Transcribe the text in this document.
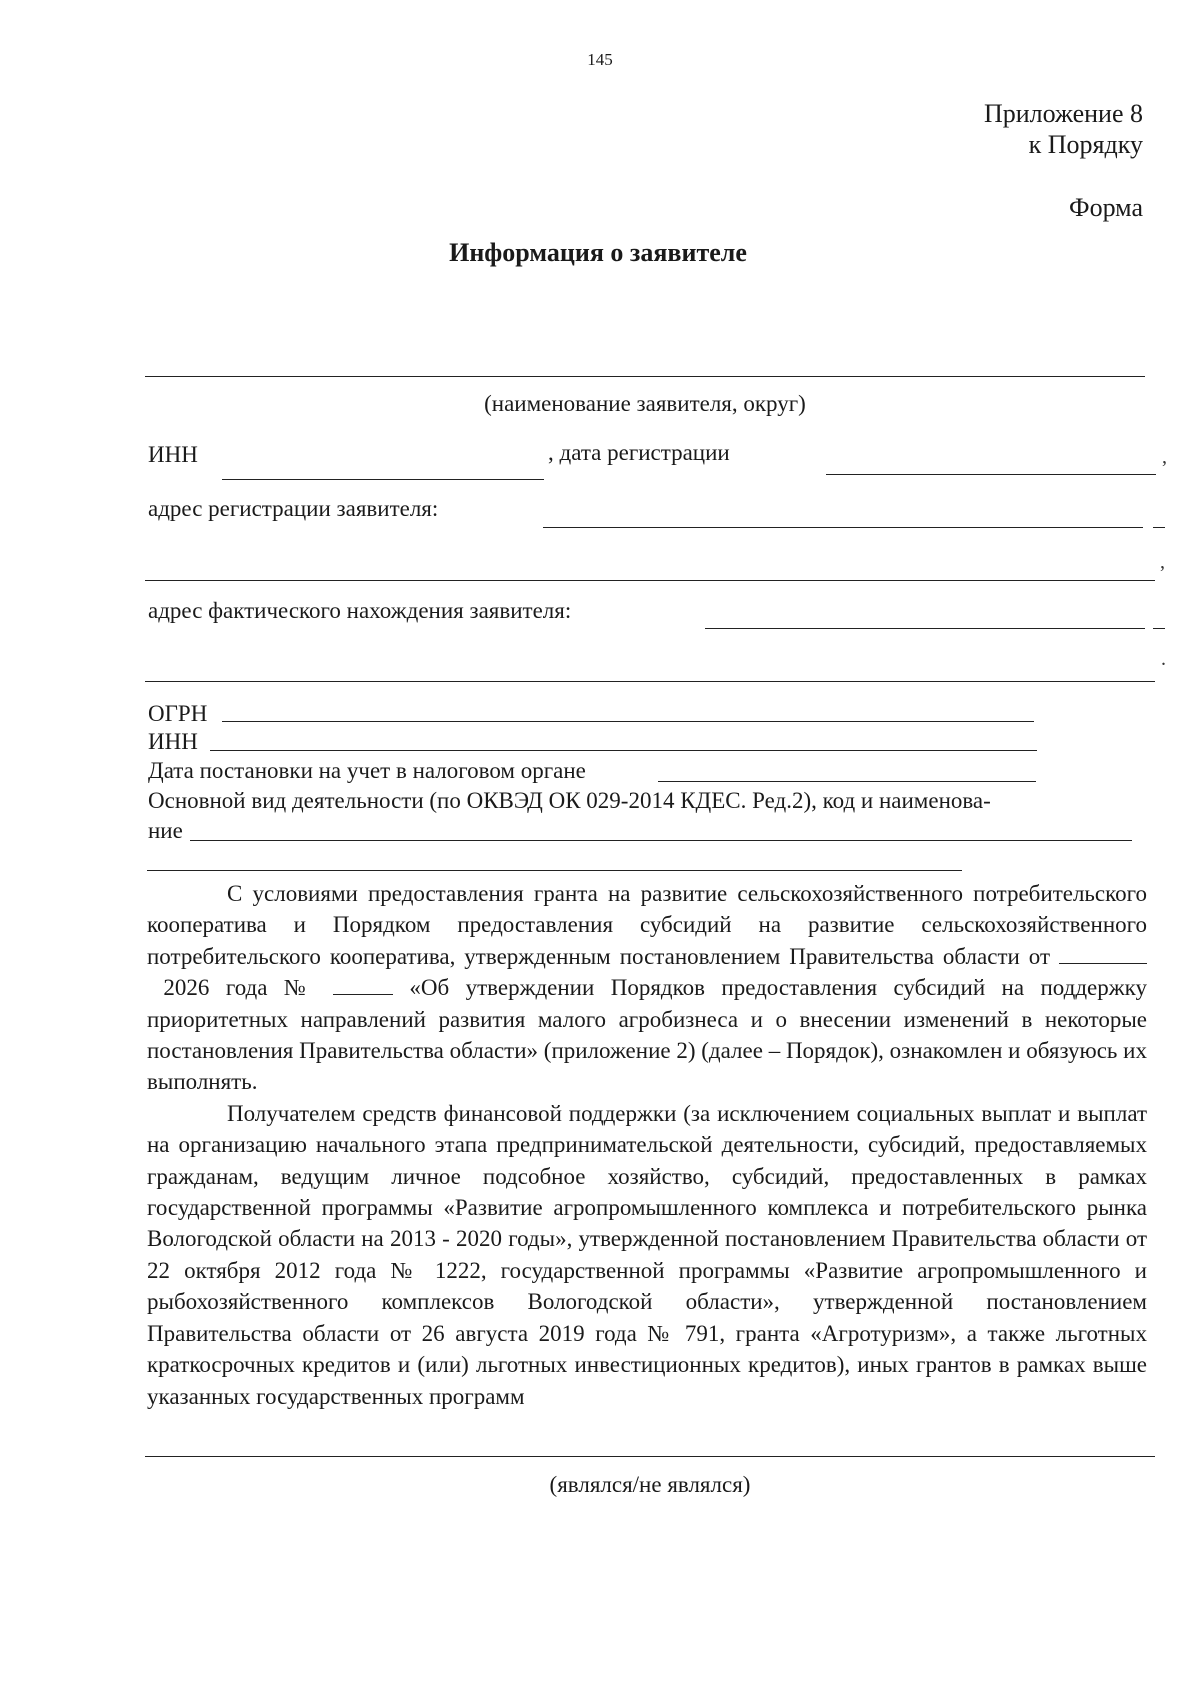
145
Приложение 8
к Порядку
Форма
Информация о заявителе
(наименование заявителя, округ)
ИНН	, дата регистрации	,
адрес регистрации заявителя:
,
адрес фактического нахождения заявителя:
.
ОГРН
ИНН
Дата постановки на учет в налоговом органе
Основной вид деятельности (по ОКВЭД ОК 029-2014 КДЕС. Ред.2), код и наименова-
ние

С условиями предоставления гранта на развитие сельскохозяйственного потребительского кооператива и Порядком предоставления субсидий на развитие сельскохозяйственного потребительского кооператива, утвержденным постановлением Правительства области от  2026 года №	«Об утверждении Порядков предоставления субсидий на поддержку приоритетных направлений развития малого агробизнеса и о внесении изменений в некоторые постановления Правительства области» (приложение 2) (далее – Порядок), ознакомлен и обязуюсь их выполнять.

Получателем средств финансовой поддержки (за исключением социальных выплат и выплат на организацию начального этапа предпринимательской деятельности, субсидий, предоставляемых гражданам, ведущим личное подсобное хозяйство, субсидий, предоставленных в рамках государственной программы «Развитие агропромышленного комплекса и потребительского рынка Вологодской области на 2013 - 2020 годы», утвержденной постановлением Правительства области от 22 октября 2012 года № 1222, государственной программы «Развитие агропромышленного и рыбохозяйственного комплексов Вологодской области», утвержденной постановлением Правительства области от 26 августа 2019 года № 791, гранта «Агротуризм», а также льготных краткосрочных кредитов и (или) льготных инвестиционных кредитов), иных грантов в рамках выше указанных государственных программ

(являлся/не являлся)
